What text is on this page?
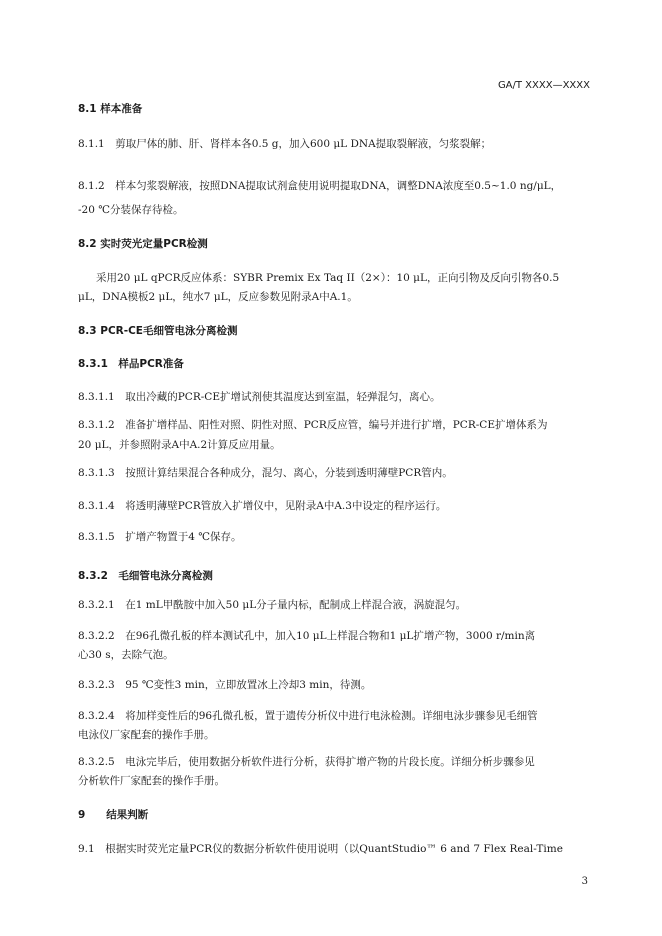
GA/T XXXX—XXXX
8.1 样本准备
8.1.1　剪取尸体的肺、肝、肾样本各0.5 g，加入600 μL DNA提取裂解液，匀浆裂解；
8.1.2　样本匀浆裂解液，按照DNA提取试剂盒使用说明提取DNA，调整DNA浓度至0.5~1.0 ng/μL，
-20 ℃分装保存待检。
8.2 实时荧光定量PCR检测
采用20 μL qPCR反应体系：SYBR Premix Ex Taq II（2×）：10 μL，正向引物及反向引物各0.5
μL，DNA模板2 μL，纯水7 μL，反应参数见附录A中A.1。
8.3 PCR-CE毛细管电泳分离检测
8.3.1　样品PCR准备
8.3.1.1　取出冷藏的PCR-CE扩增试剂使其温度达到室温，轻弹混匀，离心。
8.3.1.2　准备扩增样品、阳性对照、阴性对照、PCR反应管，编号并进行扩增，PCR-CE扩增体系为
20 μL，并参照附录A中A.2计算反应用量。
8.3.1.3　按照计算结果混合各种成分，混匀、离心，分装到透明薄壁PCR管内。
8.3.1.4　将透明薄壁PCR管放入扩增仪中，见附录A中A.3中设定的程序运行。
8.3.1.5　扩增产物置于4 ℃保存。
8.3.2　毛细管电泳分离检测
8.3.2.1　在1 mL甲酰胺中加入50 μL分子量内标，配制成上样混合液，涡旋混匀。
8.3.2.2　在96孔微孔板的样本测试孔中，加入10 μL上样混合物和1 μL扩增产物，3000 r/min离
心30 s，去除气泡。
8.3.2.3　95 ℃变性3 min，立即放置冰上冷却3 min，待测。
8.3.2.4　将加样变性后的96孔微孔板，置于遗传分析仪中进行电泳检测。详细电泳步骤参见毛细管
电泳仪厂家配套的操作手册。
8.3.2.5　电泳完毕后，使用数据分析软件进行分析，获得扩增产物的片段长度。详细分析步骤参见
分析软件厂家配套的操作手册。
9　　结果判断
9.1　根据实时荧光定量PCR仪的数据分析软件使用说明（以QuantStudio™ 6 and 7 Flex Real-Time
3
